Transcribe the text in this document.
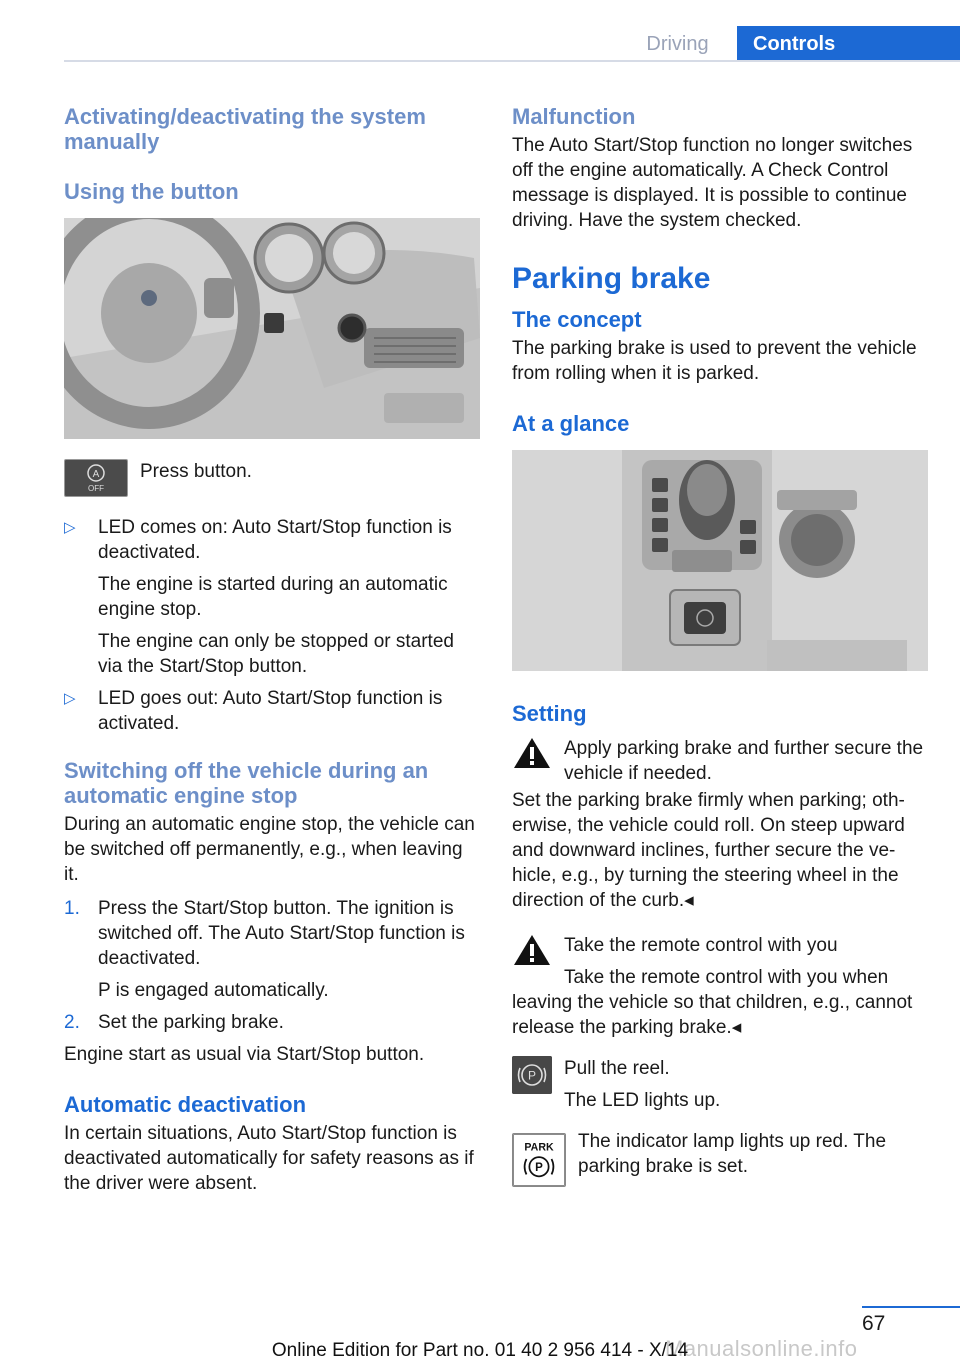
Driving	Controls
Activating/deactivating the system manually
Using the button
A
OFF

Press button.

▷	LED comes on: Auto Start/Stop function is deactivated.

The engine is started during an automatic engine stop.

The engine can only be stopped or started via the Start/Stop button.

▷	LED goes out: Auto Start/Stop function is activated.

Switching off the vehicle during an automatic engine stop

During an automatic engine stop, the vehicle can be switched off permanently, e.g., when leaving it.

1. Press the Start/Stop button. The ignition is switched off. The Auto Start/Stop function is deactivated.

P is engaged automatically.

2. Set the parking brake.

Engine start as usual via Start/Stop button.

Automatic deactivation

In certain situations, Auto Start/Stop function is deactivated automatically for safety reasons as if the driver were absent.

Malfunction

The Auto Start/Stop function no longer switches off the engine automatically. A Check Control message is displayed. It is possible to continue driving. Have the system checked.

Parking brake
The concept

The parking brake is used to prevent the vehicle from rolling when it is parked.

At a glance
Setting

Apply parking brake and further secure the vehicle if needed.

Set the parking brake firmly when parking; otherwise, the vehicle could roll. On steep upward and downward inclines, further secure the vehicle, e.g., by turning the steering wheel in the direction of the curb.◂

Take the remote control with you

Take the remote control with you when

leaving the vehicle so that children, e.g., cannot release the parking brake.◂

P Pull the reel.

The LED lights up.

PARK
P

The indicator lamp lights up red. The parking brake is set.

67
Manualsonline.info
Online Edition for Part no. 01 40 2 956 414 - X/14
